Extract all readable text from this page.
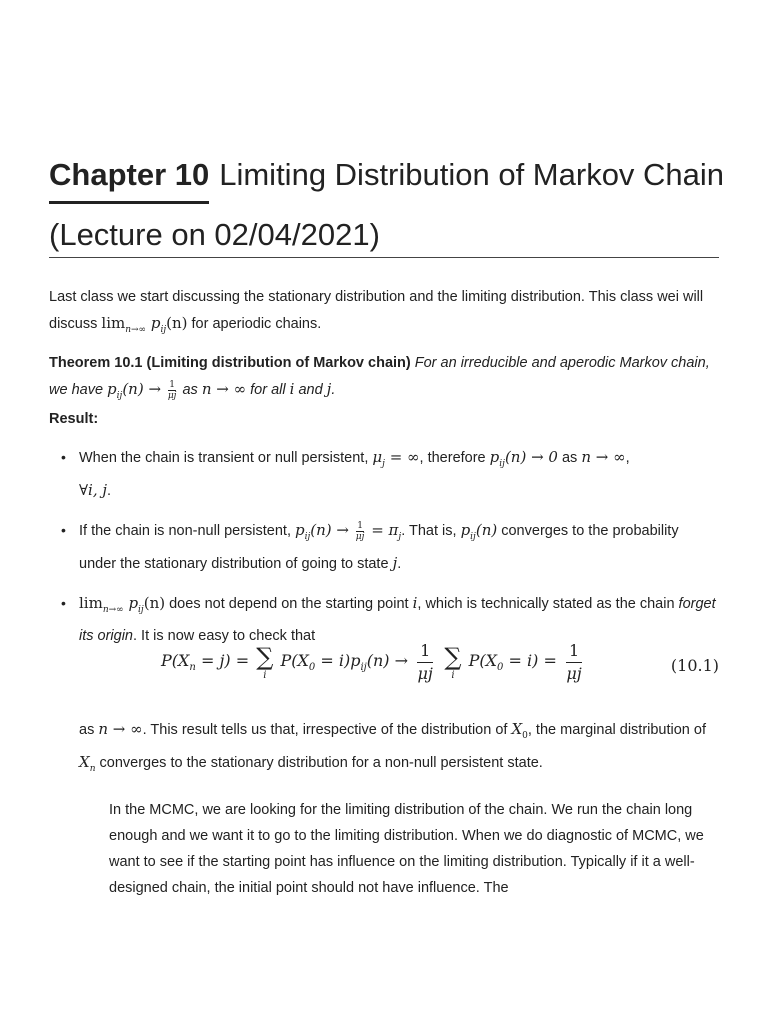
Chapter 10 Limiting Distribution of Markov Chain
(Lecture on 02/04/2021)
Last class we start discussing the stationary distribution and the limiting distribution. This class wei will discuss $\lim_{n\to\infty} p_{ij}(n)$ for aperiodic chains.
Theorem 10.1 (Limiting distribution of Markov chain) For an irreducible and aperodic Markov chain, we have $p_{ij}(n) \to \frac{1}{\mu j}$ as n → ∞ for all i and j.
Result:
• When the chain is transient or null persistent, $\mu_j$ = ∞, therefore $p_{ij}(n) \to 0$ as n → ∞,
∀i, j.
• If the chain is non-null persistent, $p_{ij}(n) \to \frac{1}{\mu j} = \pi_j$. That is, $p_{ij}(n)$ converges to the probability under the stationary distribution of going to state j.
• $\lim_{n\to\infty} p_{ij}(n)$ does not depend on the starting point i, which is technically stated as the chain forget its origin. It is now easy to check that
$P(X_n = j)$ = ∑
i
$P(X_0 = i)p_{ij}(n) \to \frac{1}{\mu j}$
∑
i
$P(X_0 = i) = \frac{1}{\mu j}$	(10.1)
as n → ∞. This result tells us that, irrespective of the distribution of $X_0$, the marginal distribution of $X_n$ converges to the stationary distribution for a non-null persistent state.
In the MCMC, we are looking for the limiting distribution of the chain. We run the chain long enough and we want it to go to the limiting distribution. When we do diagnostic of MCMC, we want to see if the starting point has influence on the limiting distribution. Typically if it a well-designed chain, the initial point should not have influence. The
